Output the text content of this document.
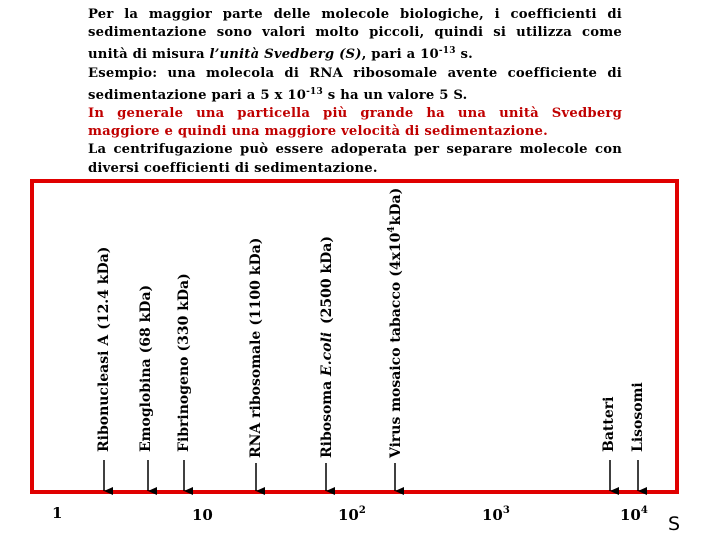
Per la maggior parte delle molecole biologiche, i coefficienti di sedimentazione sono valori molto piccoli, quindi si utilizza come unità di misura l’unità Svedberg (S), pari a $10^{-13}$ s.

Esempio: una molecola di RNA ribosomale avente coefficiente di sedimentazione pari a 5 x $10^{-13}$ s ha un valore 5 S.

In generale una particella più grande ha una unità Svedberg maggiore e quindi una maggiore velocità di sedimentazione.

La centrifugazione può essere adoperata per separare molecole con diversi coefficienti di sedimentazione.

Ribonucleasi A(12.4 kDa)
Emoglobina(68 kDa)
Fibrinogeno(330 kDa)
RNA ribosomale(1100 kDa)
Ribosoma E.coli (2500 kDa)	Virus mosaico $tabacco(4x10^4kDa)$
Batteri Lisosomi
1	10	$10^2$	$10^3$	$10^4$
S
